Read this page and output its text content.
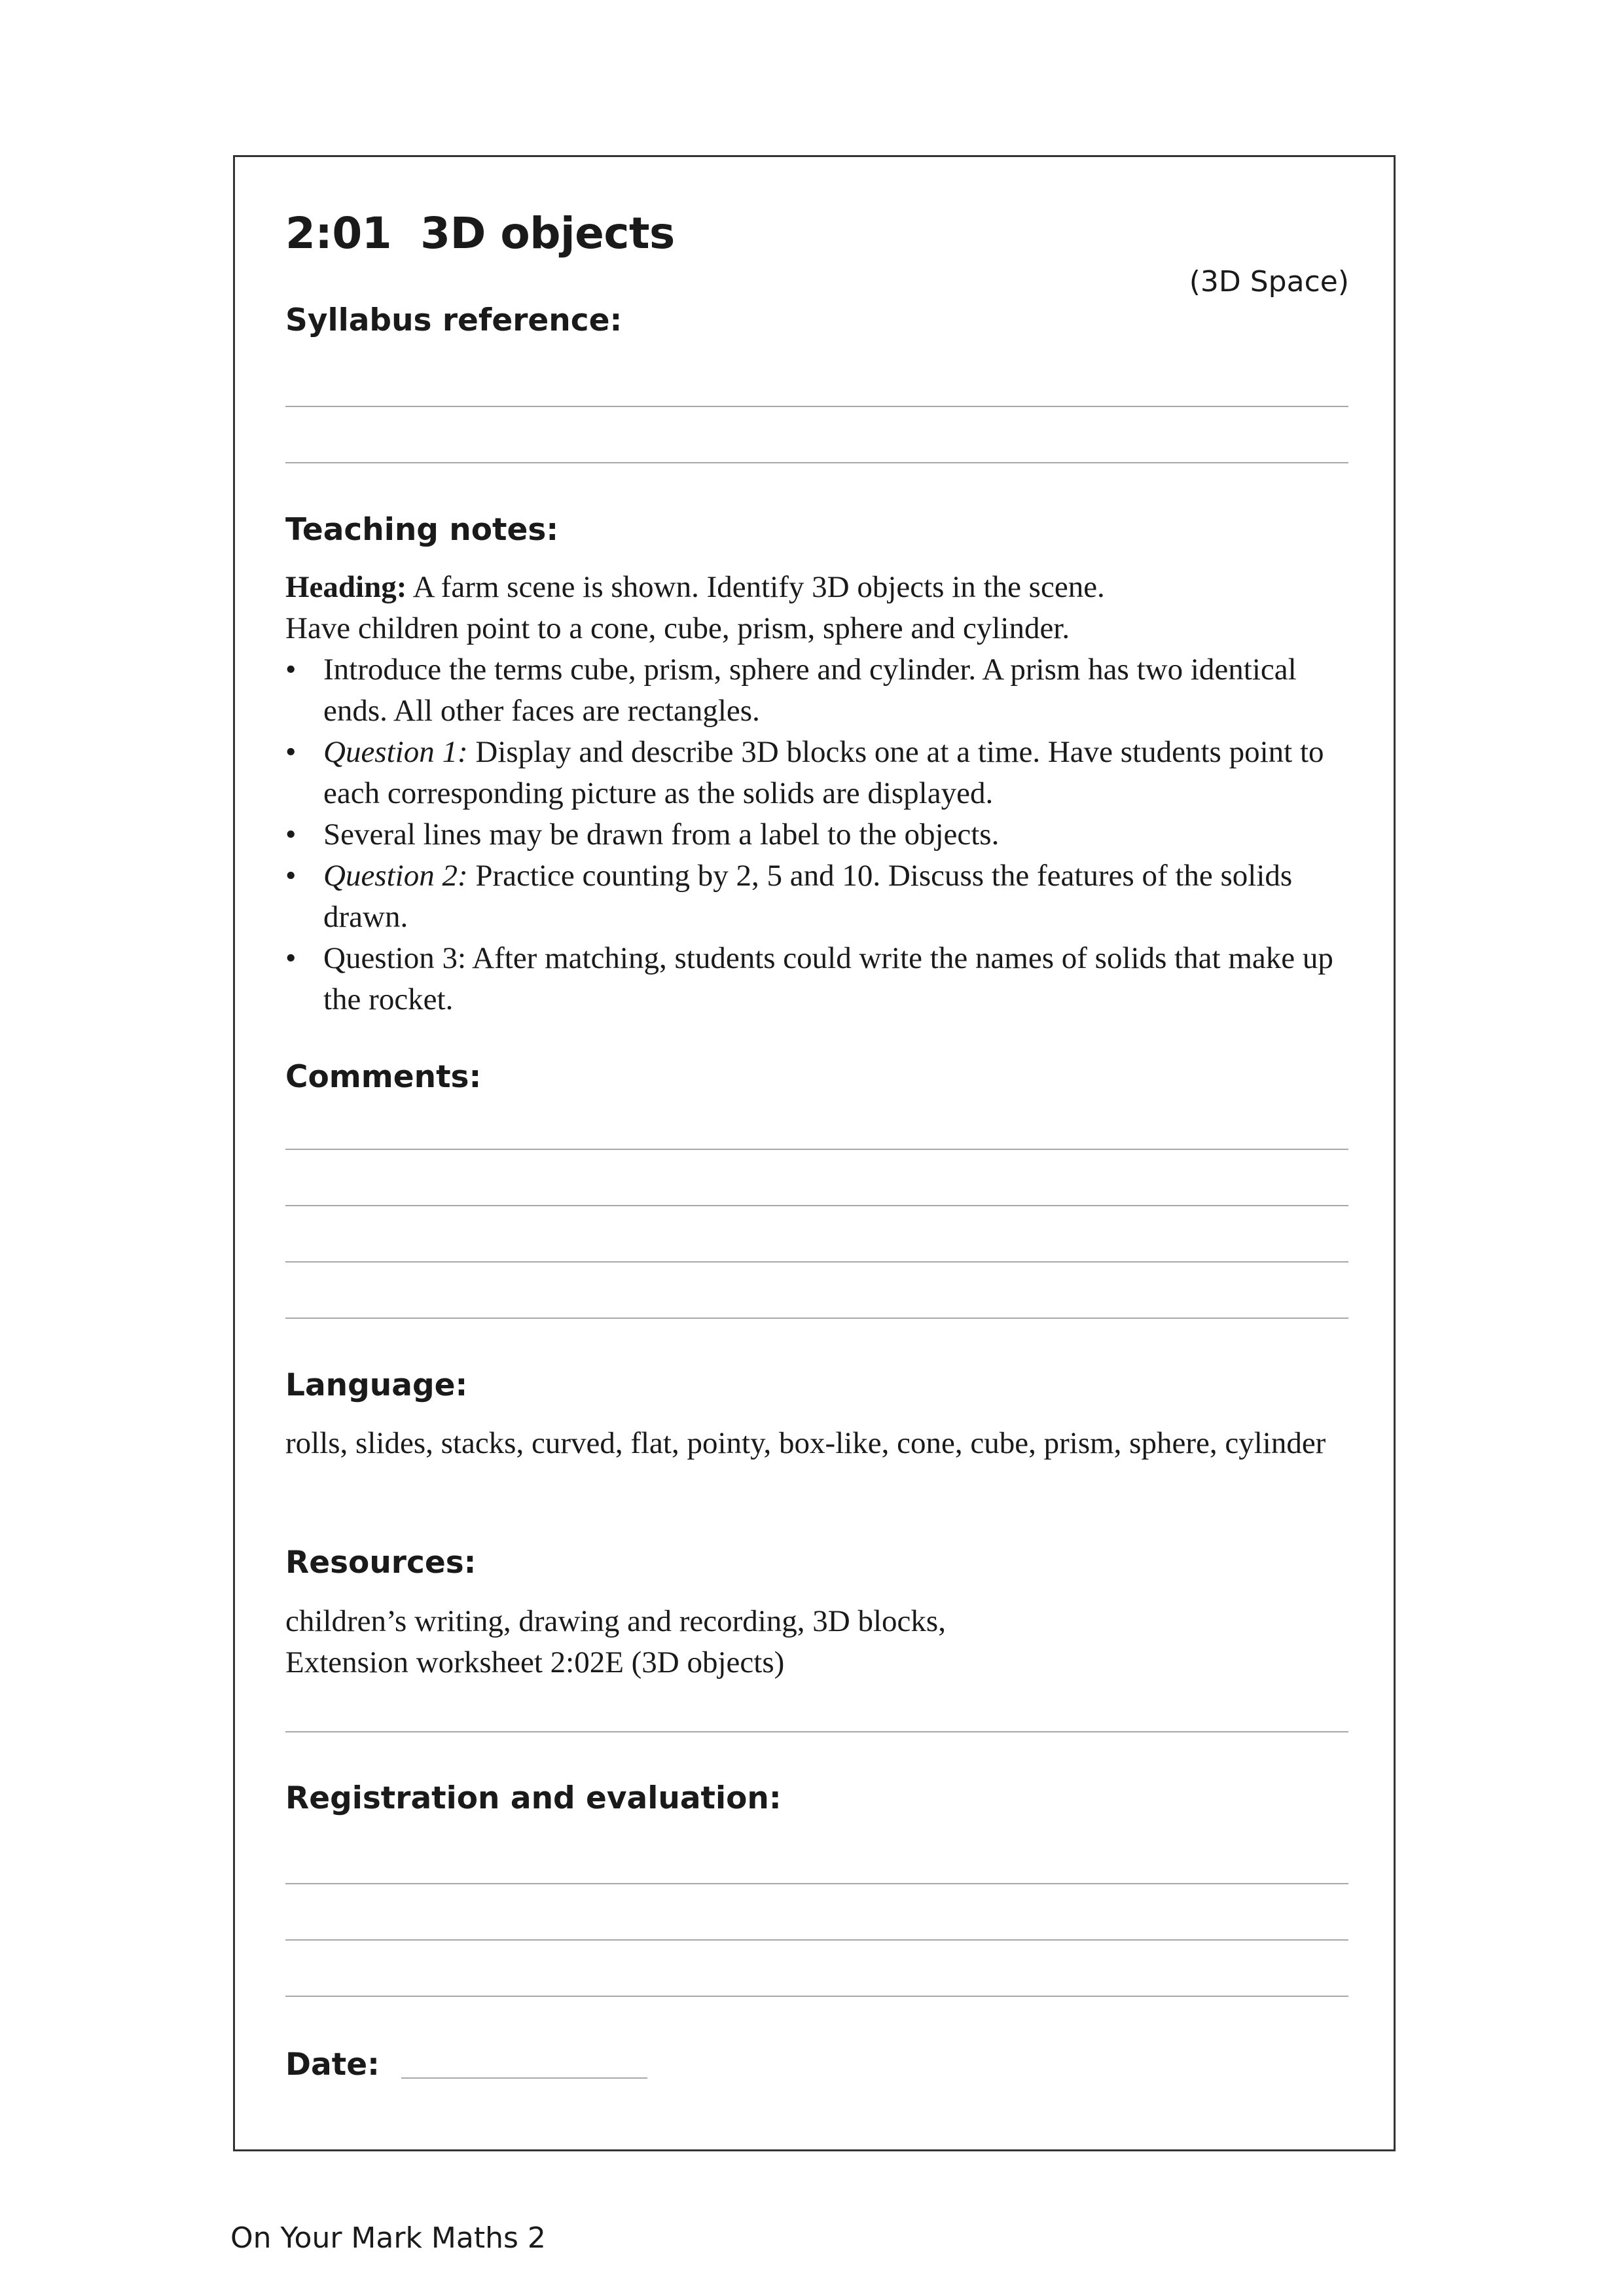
2:01 3D objects
(3D Space)
Syllabus reference:
Teaching notes:

Heading: A farm scene is shown. Identify 3D objects in the scene.

Have children point to a cone, cube, prism, sphere and cylinder.

• Introduce the terms cube, prism, sphere and cylinder. A prism has two identical ends. All other faces are rectangles.
• Question 1: Display and describe 3D blocks one at a time. Have students point to each corresponding picture as the solids are displayed.
• Several lines may be drawn from a label to the objects.
• Question 2: Practice counting by 2, 5 and 10. Discuss the features of the solids drawn.
• Question 3: After matching, students could write the names of solids that make up the rocket.
Comments:
Language:
rolls, slides, stacks, curved, flat, pointy, box-like, cone, cube, prism, sphere, cylinder
Resources:

children’s writing, drawing and recording, 3D blocks,

Extension worksheet 2:02E (3D objects)

Registration and evaluation:
Date:
On Your Mark Maths 2
